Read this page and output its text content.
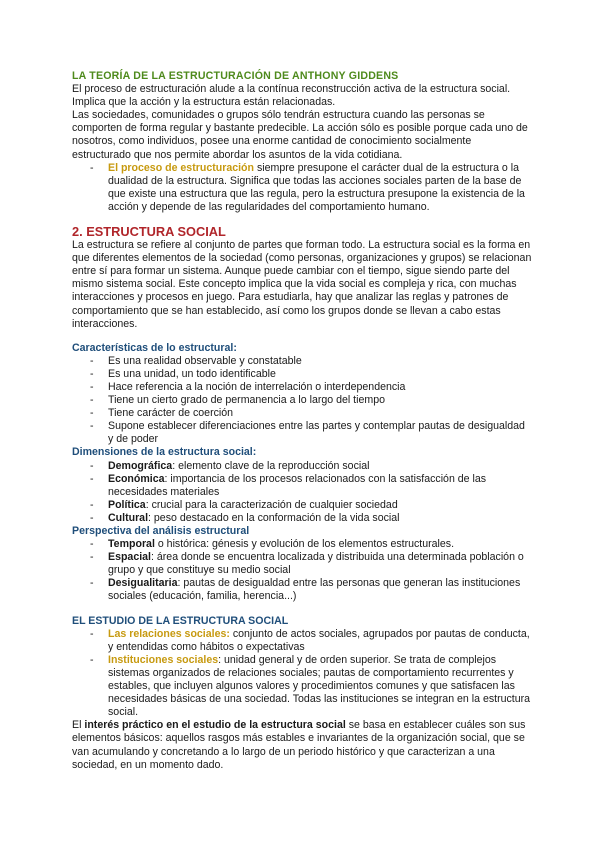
LA TEORÍA DE LA ESTRUCTURACIÓN DE ANTHONY GIDDENS

El proceso de estructuración alude a la contínua reconstrucción activa de la estructura social. Implica que la acción y la estructura están relacionadas.

Las sociedades, comunidades o grupos sólo tendrán estructura cuando las personas se comporten de forma regular y bastante predecible. La acción sólo es posible porque cada uno de nosotros, como individuos, posee una enorme cantidad de conocimiento socialmente estructurado que nos permite abordar los asuntos de la vida cotidiana.

- El proceso de estructuración siempre presupone el carácter dual de la estructura o la dualidad de la estructura. Significa que todas las acciones sociales parten de la base de que existe una estructura que las regula, pero la estructura presupone la existencia de la acción y depende de las regularidades del comportamiento humano.

2. ESTRUCTURA SOCIAL

La estructura se refiere al conjunto de partes que forman todo. La estructura social es la forma en que diferentes elementos de la sociedad (como personas, organizaciones y grupos) se relacionan entre sí para formar un sistema. Aunque puede cambiar con el tiempo, sigue siendo parte del mismo sistema social. Este concepto implica que la vida social es compleja y rica, con muchas interacciones y procesos en juego. Para estudiarla, hay que analizar las reglas y patrones de comportamiento que se han establecido, así como los grupos donde se llevan a cabo estas interacciones.

Características de lo estructural:

- Es una realidad observable y constatable
- Es una unidad, un todo identificable
- Hace referencia a la noción de interrelación o interdependencia
- Tiene un cierto grado de permanencia a lo largo del tiempo
- Tiene carácter de coerción
- Supone establecer diferenciaciones entre las partes y contemplar pautas de desigualdad y de poder

Dimensiones de la estructura social:

- Demográfica: elemento clave de la reproducción social
- Económica: importancia de los procesos relacionados con la satisfacción de las necesidades materiales
- Política: crucial para la caracterización de cualquier sociedad
- Cultural: peso destacado en la conformación de la vida social

Perspectiva del análisis estructural

- Temporal o histórica: génesis y evolución de los elementos estructurales.
- Espacial: área donde se encuentra localizada y distribuida una determinada población o grupo y que constituye su medio social
- Desigualitaria: pautas de desigualdad entre las personas que generan las instituciones sociales (educación, familia, herencia...)

EL ESTUDIO DE LA ESTRUCTURA SOCIAL

- Las relaciones sociales: conjunto de actos sociales, agrupados por pautas de conducta, y entendidas como hábitos o expectativas
- Instituciones sociales: unidad general y de orden superior. Se trata de complejos sistemas organizados de relaciones sociales; pautas de comportamiento recurrentes y estables, que incluyen algunos valores y procedimientos comunes y que satisfacen las necesidades básicas de una sociedad. Todas las instituciones se integran en la estructura social.

El interés práctico en el estudio de la estructura social se basa en establecer cuáles son sus elementos básicos: aquellos rasgos más estables e invariantes de la organización social, que se van acumulando y concretando a lo largo de un periodo histórico y que caracterizan a una sociedad, en un momento dado.
